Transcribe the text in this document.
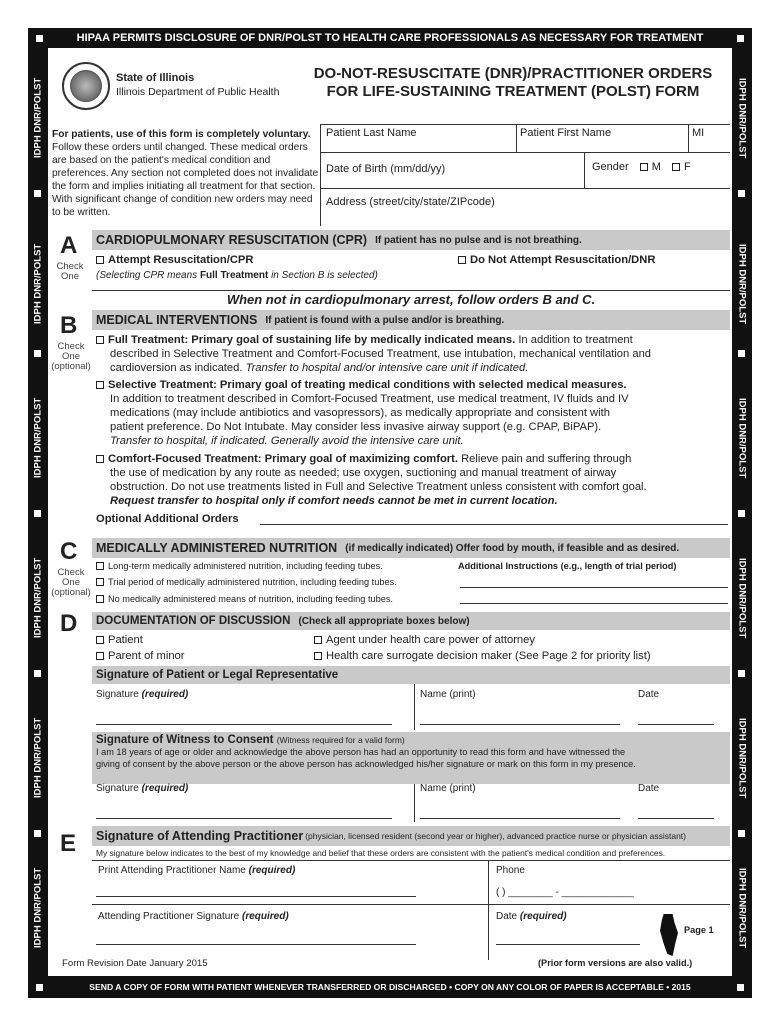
HIPAA PERMITS DISCLOSURE OF DNR/POLST TO HEALTH CARE PROFESSIONALS AS NECESSARY FOR TREATMENT
IDPH DNR/POLST
IDPH DNR/POLST
IDPH DNR/POLST
IDPH DNR/POLST
IDPH DNR/POLST
IDPH DNR/POLST
IDPH DNR/POLST
IDPH DNR/POLST
IDPH DNR/POLST
IDPH DNR/POLST
IDPH DNR/POLST
IDPH DNR/POLST
State of Illinois
Illinois Department of Public Health
DO-NOT-RESUSCITATE (DNR)/PRACTITIONER ORDERS
FOR LIFE-SUSTAINING TREATMENT (POLST) FORM
For patients, use of this form is completely voluntary. Follow these orders until changed. These medical orders are based on the patient's medical condition and preferences. Any section not completed does not invalidate the form and implies initiating all treatment for that section. With significant change of condition new orders may need to be written.
Patient Last Name	Patient First Name	MI
Date of Birth (mm/dd/yy)	Gender M F
Address (street/city/state/ZIPcode)
A
Check One
CARDIOPULMONARY RESUSCITATION (CPR) If patient has no pulse and is not breathing.
Attempt Resuscitation/CPR	Do Not Attempt Resuscitation/DNR
(Selecting CPR means Full Treatment in Section B is selected)
When not in cardiopulmonary arrest, follow orders B and C.
B
Check One (optional)
MEDICAL INTERVENTIONS If patient is found with a pulse and/or is breathing.
Full Treatment: Primary goal of sustaining life by medically indicated means. In addition to treatment
described in Selective Treatment and Comfort-Focused Treatment, use intubation, mechanical ventilation and
cardioversion as indicated. Transfer to hospital and/or intensive care unit if indicated.
Selective Treatment: Primary goal of treating medical conditions with selected medical measures.
In addition to treatment described in Comfort-Focused Treatment, use medical treatment, IV fluids and IV
medications (may include antibiotics and vasopressors), as medically appropriate and consistent with
patient preference. Do Not Intubate. May consider less invasive airway support (e.g. CPAP, BiPAP).
Transfer to hospital, if indicated. Generally avoid the intensive care unit.
Comfort-Focused Treatment: Primary goal of maximizing comfort. Relieve pain and suffering through
the use of medication by any route as needed; use oxygen, suctioning and manual treatment of airway
obstruction. Do not use treatments listed in Full and Selective Treatment unless consistent with comfort goal.
Request transfer to hospital only if comfort needs cannot be met in current location.
Optional Additional Orders
C
Check One (optional)
MEDICALLY ADMINISTERED NUTRITION (if medically indicated) Offer food by mouth, if feasible and as desired.
Long-term medically administered nutrition, including feeding tubes.
Trial period of medically administered nutrition, including feeding tubes.
No medically administered means of nutrition, including feeding tubes.
Additional Instructions (e.g., length of trial period)
D DOCUMENTATION OF DISCUSSION (Check all appropriate boxes below)
Patient
Parent of minor
Agent under health care power of attorney
Health care surrogate decision maker (See Page 2 for priority list)
Signature of Patient or Legal Representative
Signature (required)	Name (print)	Date
Signature of Witness to Consent (Witness required for a valid form)
I am 18 years of age or older and acknowledge the above person has had an opportunity to read this form and have witnessed the
giving of consent by the above person or the above person has acknowledged his/her signature or mark on this form in my presence.
Signature (required)	Name (print)	Date
E Signature of Attending Practitioner (physician, licensed resident (second year or higher), advanced practice nurse or physician assistant)
My signature below indicates to the best of my knowledge and belief that these orders are consistent with the patient's medical condition and preferences.
Print Attending Practitioner Name (required)	Phone
( ) ________ - _____________
Attending Practitioner Signature (required)	Date (required)
Page 1
Form Revision Date January 2015	(Prior form versions are also valid.)
SEND A COPY OF FORM WITH PATIENT WHENEVER TRANSFERRED OR DISCHARGED • COPY ON ANY COLOR OF PAPER IS ACCEPTABLE • 2015
